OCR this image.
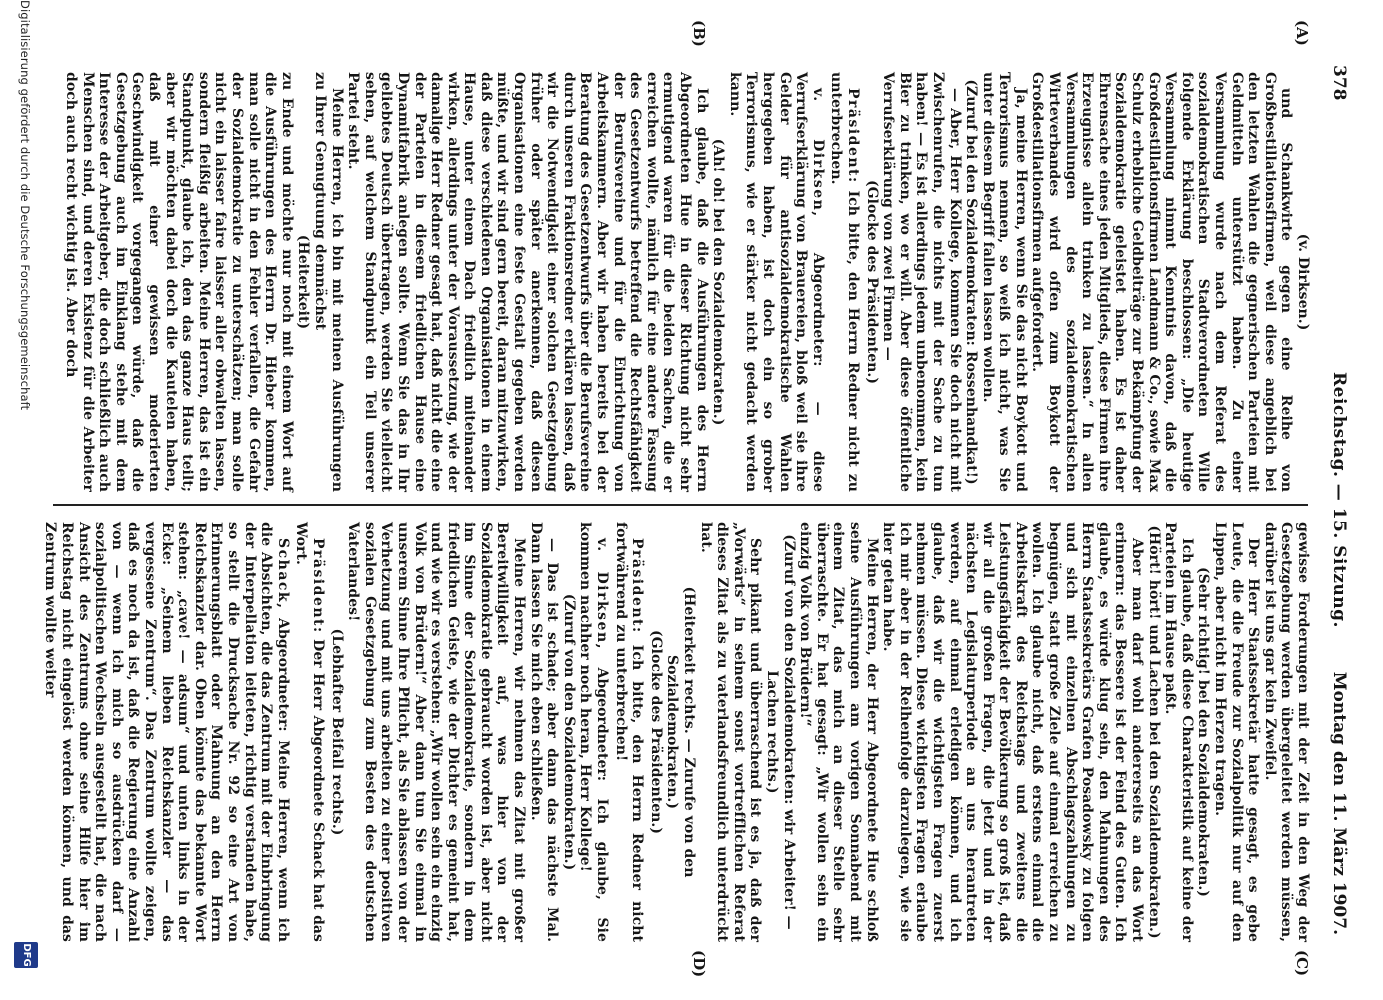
378
Reichstag. — 15. Sitzung.
Montag den 11. März 1907.
(A)
(B)
(C)
(D)

(v. Dirksen.)

und Schankwirte gegen eine Reihe von Großbestillationsfirmen, weil diese angeblich bei den letzten Wahlen die gegnerischen Parteien mit Geldmitteln unterstützt haben. Zu einer Versammlung wurde nach dem Referat des sozialdemokratischen Stadtverordneten Wille folgende Erklärung beschlossen: „Die heutige Versammlung nimmt Kenntnis davon, daß die Großdestillationsfirmen Landmann & Co., sowie Max Schulz erhebliche Geldbeiträge zur Bekämpfung der Sozialdemokratie geleistet haben. Es ist daher Ehrensache eines jeden Mitglieds, diese Firmen ihre Erzeugnisse allein trinken zu lassen.“ In allen Versammlungen des sozialdemokratischen Wirteverbandes wird offen zum Boykott der Großdestillationsfirmen aufgefordert.

Ja, meine Herren, wenn Sie das nicht Boykott und Terrorismus nennen, so weiß ich nicht, was Sie unter diesem Begriff fallen lassen wollen.

(Zuruf bei den Sozialdemokraten: Rossenhandkat!)

— Aber, Herr Kollege, kommen Sie doch nicht mit Zwischenrufen, die nichts mit der Sache zu tun haben! — Es ist allerdings jedem unbenommen, kein Bier zu trinken, wo er will. Aber diese öffentliche Verrufserklärung von zwei Firmen —

(Glocke des Präsidenten.)

Präsident: Ich bitte, den Herrn Redner nicht zu unterbrechen.

v. Dirksen, Abgeordneter: — diese Verrufserklärung von Brauereien, bloß weil sie ihre Gelder für antisozialdemokratische Wahlen hergegeben haben, ist doch ein so grober Terrorismus, wie er stärker nicht gedacht werden kann.

(Ah! oh! bei den Sozialdemokraten.)

Ich glaube, daß die Ausführungen des Herrn Abgeordneten Hue in dieser Richtung nicht sehr ermutigend waren für die beiden Sachen, die er erreichen wollte, nämlich für eine andere Fassung des Gesetzentwurfs betreffend die Rechtsfähigkeit der Berufsvereine und für die Einrichtung von Arbeitskammern. Aber wir haben bereits bei der Beratung des Gesetzentwurfs über die Berufsvereine durch unseren Fraktionsredner erklären lassen, daß wir die Notwendigkeit einer solchen Gesetzgebung früher oder später anerkennen, daß diesen Organisationen eine feste Gestalt gegeben werden müßte, und wir sind gern bereit, daran mitzuwirken, daß diese verschiedenen Organisationen in einem Hause, unter einem Dach friedlich miteinander wirken, allerdings unter der Voraussetzung, wie der damalige Herr Redner gesagt hat, daß nicht die eine der Parteien in diesem friedlichen Hause eine Dynamitfabrik anlegen sollte. Wenn Sie das in Ihr geliebtes Deutsch übertragen, werden Sie vielleicht sehen, auf welchem Standpunkt ein Teil unserer Partei steht.

Meine Herren, ich bin mit meinen Ausführungen zu Ihrer Genugtuung demnächst

(Heiterkeit)

zu Ende und möchte nur noch mit einem Wort auf die Ausführungen des Herrn Dr. Hieber kommen, man solle nicht in den Fehler verfallen, die Gefahr der Sozialdemokratie zu unterschätzen; man solle nicht ein laisser faire laisser aller obwalten lassen, sondern fleißig arbeiten. Meine Herren, das ist ein Standpunkt, glaube ich, den das ganze Haus teilt; aber wir möchten dabei doch die Kautelen haben, daß mit einer gewissen moderierten Geschwindigkeit vorgegangen würde, daß die Gesetzgebung auch im Einklang stehe mit dem Interesse der Arbeitgeber, die doch schließlich auch Menschen sind, und deren Existenz für die Arbeiter doch auch recht wichtig ist. Aber doch

gewisse Forderungen mit der Zeit in den Weg der Gesetzgebung werden übergeleitet werden müssen, darüber ist uns gar kein Zweifel.

Der Herr Staatssekretär hatte gesagt, es gebe Leute, die die Freude zur Sozialpolitik nur auf den Lippen, aber nicht im Herzen tragen.

(Sehr richtig! bei den Sozialdemokraten.)

Ich glaube, daß diese Charakteristik auf keine der Parteien im Hause paßt.

(Hört! hört! und Lachen bei den Sozialdemokraten.)

Aber man darf wohl andererseits an das Wort erinnern: das Bessere ist der Feind des Guten. Ich glaube, es würde klug sein, den Mahnungen des Herrn Staatssekretärs Grafen Posadowsky zu folgen und sich mit einzelnen Abschlagszahlungen zu begnügen, statt große Ziele auf einmal erreichen zu wollen. Ich glaube nicht, daß erstens einmal die Arbeitskraft des Reichstags und zweitens die Leistungsfähigkeit der Bevölkerung so groß ist, daß wir all die großen Fragen, die jetzt und in der nächsten Legislaturperiode an uns herantreten werden, auf einmal erledigen können, und ich glaube, daß wir die wichtigsten Fragen zuerst nehmen müssen. Diese wichtigsten Fragen erlaube ich mir aber in der Reihenfolge darzulegen, wie sie hier getan habe.

Meine Herren, der Herr Abgeordnete Hue schloß seine Ausführungen am vorigen Sonnabend mit einem Zitat, das mich an dieser Stelle sehr überraschte. Er hat gesagt: „Wir wollen sein ein einzig Volk von Brüdern!“

(Zuruf von den Sozialdemokraten: wir Arbeiter! —

Lachen rechts.)

Sehr pikant und überraschend ist es ja, daß der „Vorwärts“ in seinem sonst vortrefflichen Referat dieses Zitat als zu vaterlandsfreundlich unterdrückt hat.

(Heiterkeit rechts. — Zurufe von den Sozialdemokraten.)

(Glocke des Präsidenten.)

Präsident: Ich bitte, den Herrn Redner nicht fortwährend zu unterbrechen!

v. Dirksen, Abgeordneter: Ich glaube, Sie kommen nachher noch heran, Herr Kollege!

(Zuruf von den Sozialdemokraten.)

— Das ist schade; aber dann das nächste Mal. Dann lassen Sie mich eben schließen.

Meine Herren, wir nehmen das Zitat mit großer Bereitwilligkeit auf, was hier von der Sozialdemokratie gebraucht worden ist, aber nicht im Sinne der Sozialdemokratie, sondern in dem friedlichen Geiste, wie der Dichter es gemeint hat, und wie wir es verstehen: „Wir wollen sein ein einzig Volk von Brüdern!“ Aber dann tun Sie einmal in unserem Sinne Ihre Pflicht, als Sie ablassen von der Verhetzung und mit uns arbeiten zu einer positiven sozialen Gesetzgebung zum Besten des deutschen Vaterlandes!

(Lebhafter Beifall rechts.)

Präsident: Der Herr Abgeordnete Schack hat das Wort.

Schack, Abgeordneter: Meine Herren, wenn ich die Absichten, die das Zentrum mit der Einbringung der Interpellation leiteten, richtig verstanden habe, so stellt die Drucksache Nr. 92 so eine Art von Erinnerungsblatt oder Mahnung an den Herrn Reichskanzler dar. Oben könnte das bekannte Wort stehen: „cave! — adsum“ und unten links in der Ecke: „Seinem lieben Reichskanzler — das vergessene Zentrum“. Das Zentrum wollte zeigen, daß es noch da ist, daß die Regierung eine Anzahl von — wenn ich mich so ausdrücken darf — sozialpolitischen Wechseln ausgestellt hat, die nach Ansicht des Zentrums ohne seine Hilfe hier im Reichstag nicht eingelöst werden können, und das Zentrum wollte weiter

Digitalisierung gefördert durch die Deutsche Forschungsgemeinschaft
DFG
